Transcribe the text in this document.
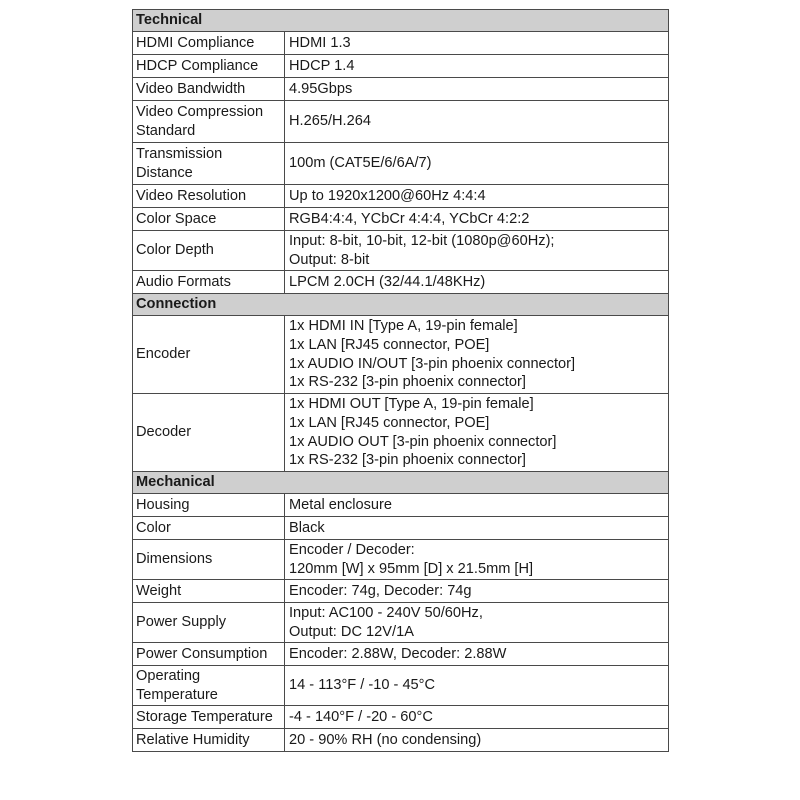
Technical	

HDMI Compliance	HDMI 1.3

HDCP Compliance	HDCP 1.4

Video Bandwidth	4.95Gbps

Video Compression
Standard	H.265/H.264

Transmission
Distance	100m (CAT5E/6/6A/7)

Video Resolution	Up to 1920x1200@60Hz 4:4:4

Color Space	RGB4:4:4, YCbCr 4:4:4, YCbCr 4:2:2

Color Depth	Input: 8-bit, 10-bit, 12-bit (1080p@60Hz);
Output: 8-bit

Audio Formats	LPCM 2.0CH (32/44.1/48KHz)

Connection	

Encoder	1x HDMI IN [Type A, 19-pin female]
1x LAN [RJ45 connector, POE]
1x AUDIO IN/OUT [3-pin phoenix connector]
1x RS-232 [3-pin phoenix connector]

Decoder	1x HDMI OUT [Type A, 19-pin female]
1x LAN [RJ45 connector, POE]
1x AUDIO OUT [3-pin phoenix connector]
1x RS-232 [3-pin phoenix connector]

Mechanical	

Housing	Metal enclosure

Color	Black

Dimensions	Encoder / Decoder:
120mm [W] x 95mm [D] x 21.5mm [H]

Weight	Encoder: 74g, Decoder: 74g

Power Supply	Input: AC100 - 240V 50/60Hz,
Output: DC 12V/1A

Power Consumption	Encoder: 2.88W, Decoder: 2.88W

Operating
Temperature	14 - 113°F / -10 - 45°C

Storage Temperature	-4 - 140°F / -20 - 60°C

Relative Humidity	20 - 90% RH (no condensing)
